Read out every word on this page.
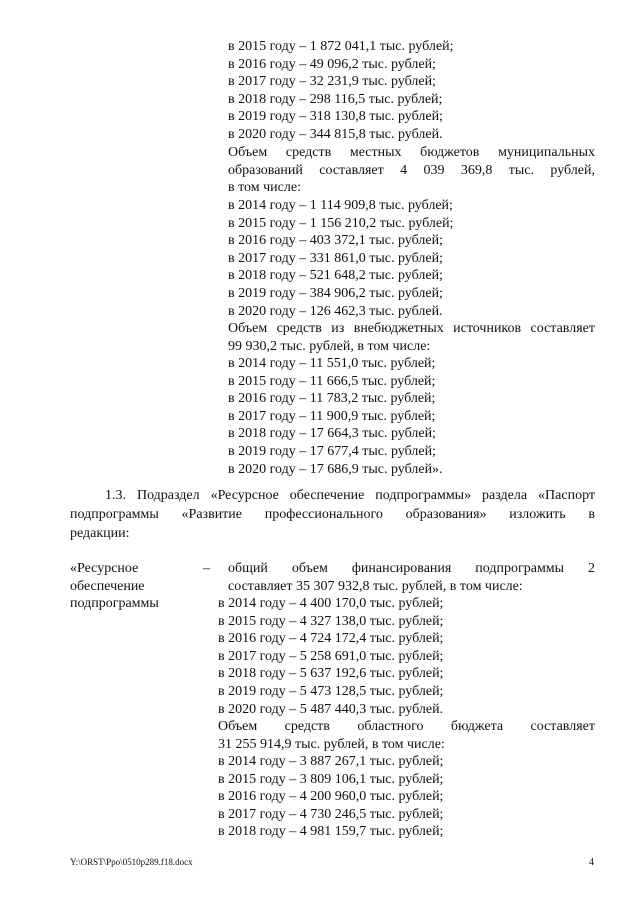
в 2015 году – 1 872 041,1 тыс. рублей;
в 2016 году – 49 096,2 тыс. рублей;
в 2017 году – 32 231,9 тыс. рублей;
в 2018 году – 298 116,5 тыс. рублей;
в 2019 году – 318 130,8 тыс. рублей;
в 2020 году – 344 815,8 тыс. рублей.
Объем средств местных бюджетов муниципальных
образований составляет 4 039 369,8 тыс. рублей,
в том числе:
в 2014 году – 1 114 909,8 тыс. рублей;
в 2015 году – 1 156 210,2 тыс. рублей;
в 2016 году – 403 372,1 тыс. рублей;
в 2017 году – 331 861,0 тыс. рублей;
в 2018 году – 521 648,2 тыс. рублей;
в 2019 году – 384 906,2 тыс. рублей;
в 2020 году – 126 462,3 тыс. рублей.
Объем средств из внебюджетных источников составляет
99 930,2 тыс. рублей, в том числе:
в 2014 году – 11 551,0 тыс. рублей;
в 2015 году – 11 666,5 тыс. рублей;
в 2016 году – 11 783,2 тыс. рублей;
в 2017 году – 11 900,9 тыс. рублей;
в 2018 году – 17 664,3 тыс. рублей;
в 2019 году – 17 677,4 тыс. рублей;
в 2020 году – 17 686,9 тыс. рублей».
1.3. Подраздел «Ресурсное обеспечение подпрограммы» раздела «Паспорт
подпрограммы «Развитие профессионального образования» изложить в
редакции:
«Ресурсное
обеспечение
подпрограммы
– общий объем финансирования подпрограммы 2
составляет 35 307 932,8 тыс. рублей, в том числе:
в 2014 году – 4 400 170,0 тыс. рублей;
в 2015 году – 4 327 138,0 тыс. рублей;
в 2016 году – 4 724 172,4 тыс. рублей;
в 2017 году – 5 258 691,0 тыс. рублей;
в 2018 году – 5 637 192,6 тыс. рублей;
в 2019 году – 5 473 128,5 тыс. рублей;
в 2020 году – 5 487 440,3 тыс. рублей.
Объем средств областного бюджета составляет
31 255 914,9 тыс. рублей, в том числе:
в 2014 году – 3 887 267,1 тыс. рублей;
в 2015 году – 3 809 106,1 тыс. рублей;
в 2016 году – 4 200 960,0 тыс. рублей;
в 2017 году – 4 730 246,5 тыс. рублей;
в 2018 году – 4 981 159,7 тыс. рублей;
Y:\ORST\Ppo\0510p289.f18.docx	4
